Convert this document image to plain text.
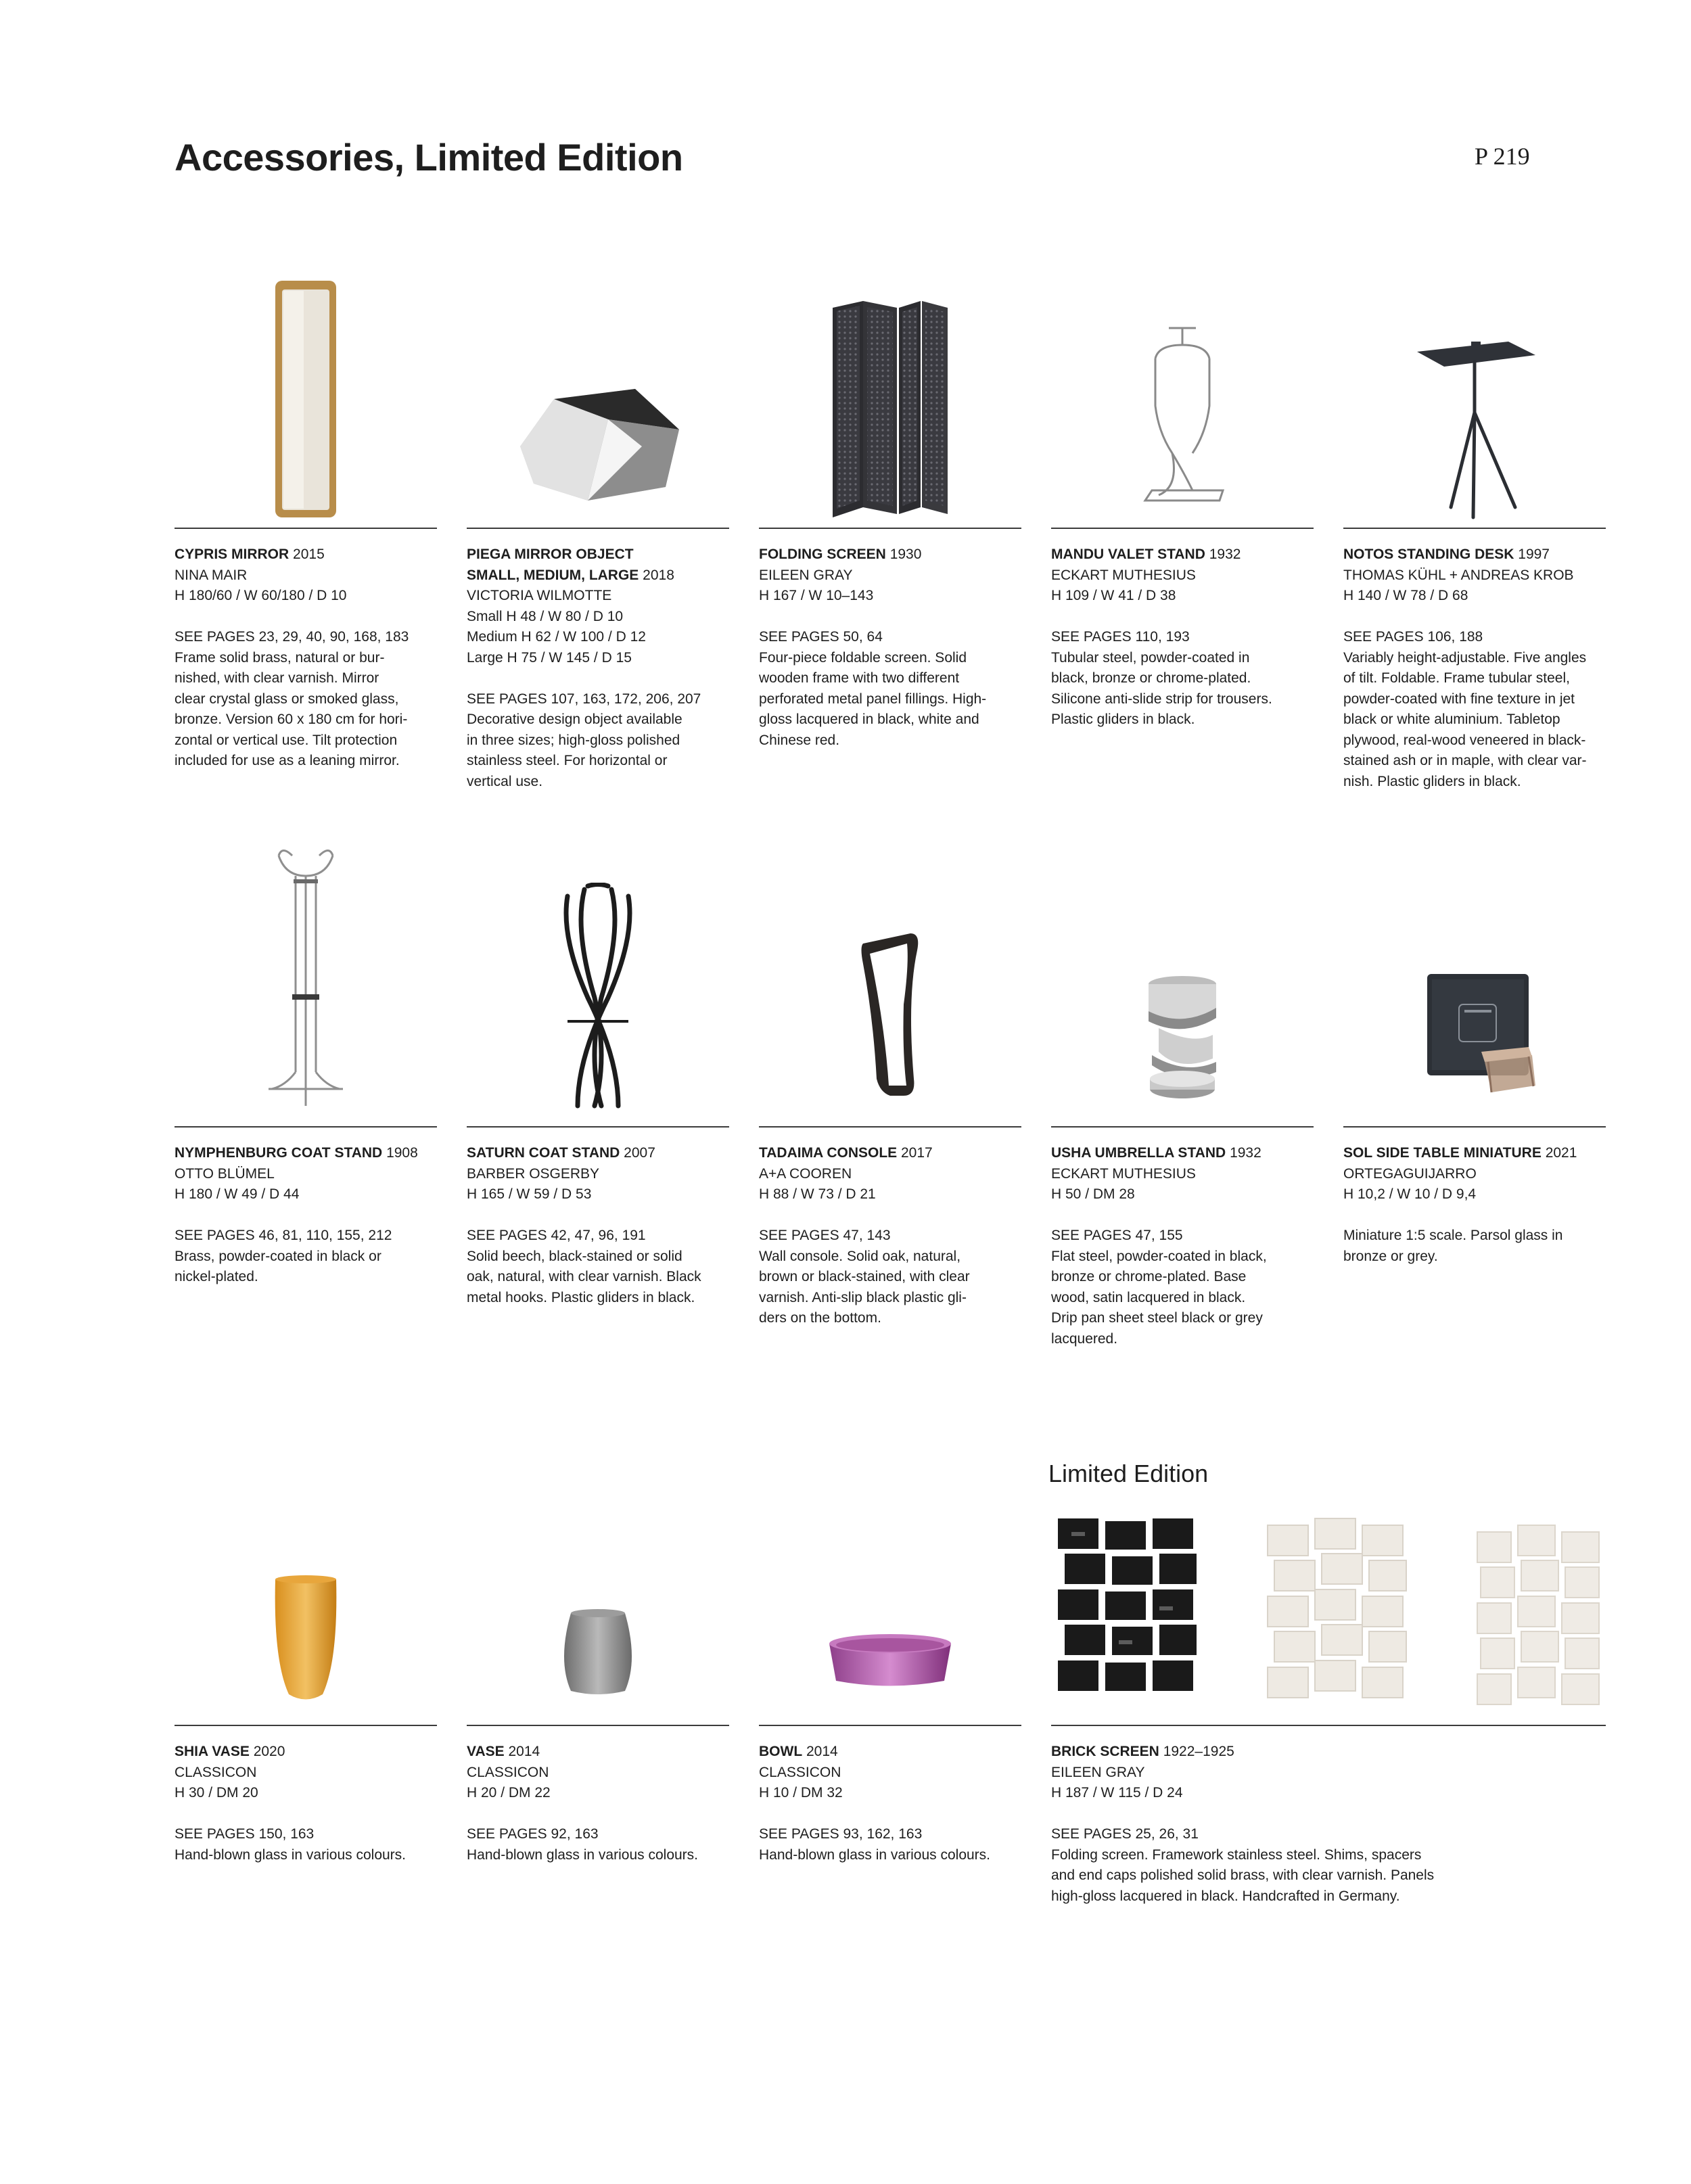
Accessories, Limited Edition	P 219
Limited Edition
CYPRIS MIRROR 2015
NINA MAIR
H 180/60 / W 60/180 / D 10
SEE PAGES 23, 29, 40, 90, 168, 183
Frame solid brass, natural or bur-
nished, with clear varnish. Mirror
clear crystal glass or smoked glass,
bronze. Version 60 x 180 cm for hori-
zontal or vertical use. Tilt protection
included for use as a leaning mirror.
PIEGA MIRROR OBJECT
SMALL, MEDIUM, LARGE 2018
VICTORIA WILMOTTE
Small H 48 / W 80 / D 10
Medium H 62 / W 100 / D 12
Large H 75 / W 145 / D 15
SEE PAGES 107, 163, 172, 206, 207
Decorative design object available
in three sizes; high-gloss polished
stainless steel. For horizontal or
vertical use.
FOLDING SCREEN 1930
EILEEN GRAY
H 167 / W 10–143
SEE PAGES 50, 64
Four-piece foldable screen. Solid
wooden frame with two different
perforated metal panel fillings. High-
gloss lacquered in black, white and
Chinese red.
MANDU VALET STAND 1932
ECKART MUTHESIUS
H 109 / W 41 / D 38
SEE PAGES 110, 193
Tubular steel, powder-coated in
black, bronze or chrome-plated.
Silicone anti-slide strip for trousers.
Plastic gliders in black.
NOTOS STANDING DESK 1997
THOMAS KÜHL + ANDREAS KROB
H 140 / W 78 / D 68
SEE PAGES 106, 188
Variably height-adjustable. Five angles
of tilt. Foldable. Frame tubular steel,
powder-coated with fine texture in jet
black or white aluminium. Tabletop
plywood, real-wood veneered in black-
stained ash or in maple, with clear var-
nish. Plastic gliders in black.
NYMPHENBURG COAT STAND 1908
OTTO BLÜMEL
H 180 / W 49 / D 44
SEE PAGES 46, 81, 110, 155, 212
Brass, powder-coated in black or
nickel-plated.
SATURN COAT STAND 2007
BARBER OSGERBY
H 165 / W 59 / D 53
SEE PAGES 42, 47, 96, 191
Solid beech, black-stained or solid
oak, natural, with clear varnish. Black
metal hooks. Plastic gliders in black.
TADAIMA CONSOLE 2017
A+A COOREN
H 88 / W 73 / D 21
SEE PAGES 47, 143
Wall console. Solid oak, natural,
brown or black-stained, with clear
varnish. Anti-slip black plastic gli-
ders on the bottom.
USHA UMBRELLA STAND 1932
ECKART MUTHESIUS
H 50 / DM 28
SEE PAGES 47, 155
Flat steel, powder-coated in black,
bronze or chrome-plated. Base
wood, satin lacquered in black.
Drip pan sheet steel black or grey
lacquered.
SOL SIDE TABLE MINIATURE 2021
ORTEGAGUIJARRO
H 10,2 / W 10 / D 9,4
Miniature 1:5 scale. Parsol glass in
bronze or grey.
SHIA VASE 2020
CLASSICON
H 30 / DM 20
SEE PAGES 150, 163
Hand-blown glass in various colours.
VASE 2014
CLASSICON
H 20 / DM 22
SEE PAGES 92, 163
Hand-blown glass in various colours.
BOWL 2014
CLASSICON
H 10 / DM 32
SEE PAGES 93, 162, 163
Hand-blown glass in various colours.
BRICK SCREEN 1922–1925
EILEEN GRAY
H 187 / W 115 / D 24
SEE PAGES 25, 26, 31
Folding screen. Framework stainless steel. Shims, spacers
and end caps polished solid brass, with clear varnish. Panels
high-gloss lacquered in black. Handcrafted in Germany.
